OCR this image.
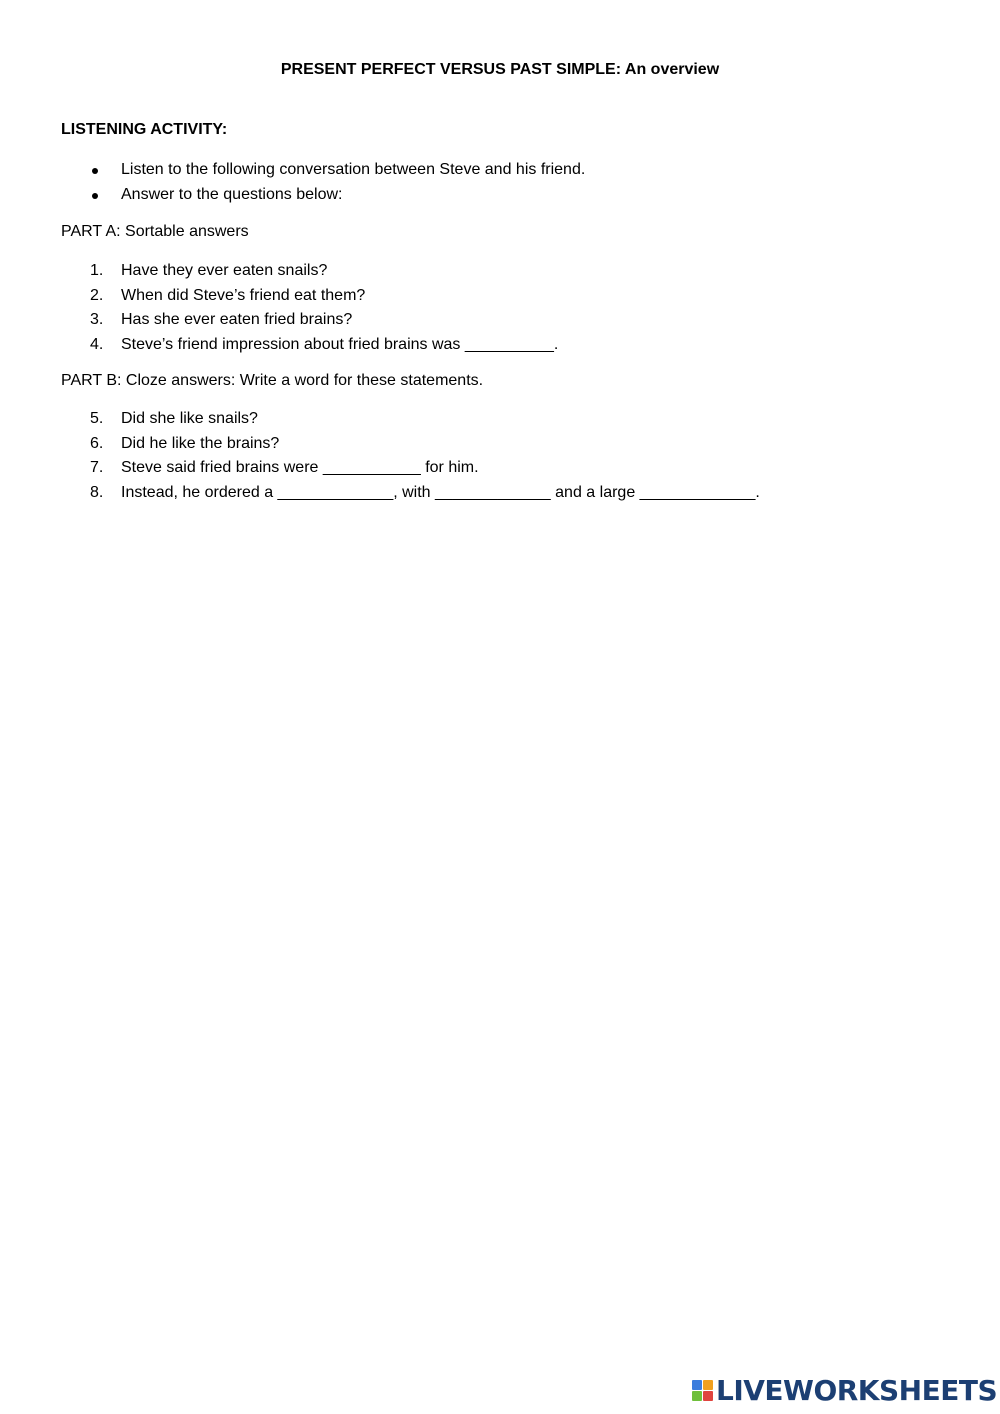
PRESENT PERFECT VERSUS PAST SIMPLE: An overview
LISTENING ACTIVITY:
Listen to the following conversation between Steve and his friend.
Answer to the questions below:
PART A: Sortable answers
1. Have they ever eaten snails?
2. When did Steve’s friend eat them?
3. Has she ever eaten fried brains?
4. Steve’s friend impression about fried brains was __________.
PART B: Cloze answers: Write a word for these statements.
5. Did she like snails?
6. Did he like the brains?
7. Steve said fried brains were ___________ for him.
8. Instead, he ordered a _____________, with _____________ and a large _____________.
LIVEWORKSHEETS
